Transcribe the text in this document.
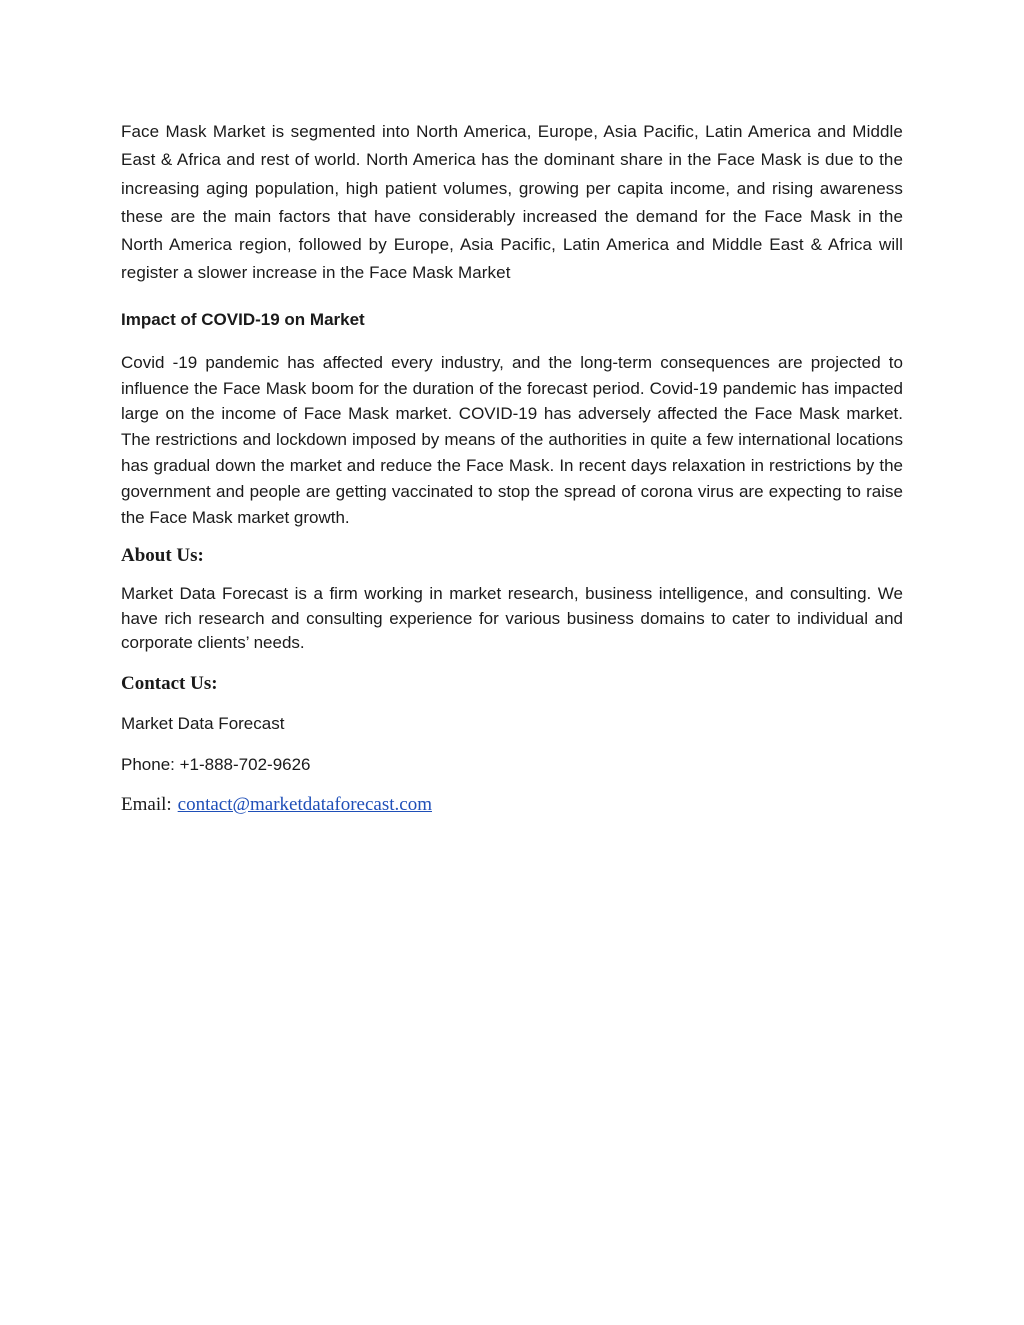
Face Mask Market is segmented into North America, Europe, Asia Pacific, Latin America and Middle East & Africa and rest of world. North America has the dominant share in the Face Mask is due to the increasing aging population, high patient volumes, growing per capita income, and rising awareness these are the main factors that have considerably increased the demand for the Face Mask in the North America region, followed by Europe, Asia Pacific, Latin America and Middle East & Africa will register a slower increase in the Face Mask Market

Impact of COVID-19 on Market

Covid -19 pandemic has affected every industry, and the long-term consequences are projected to influence the Face Mask boom for the duration of the forecast period. Covid-19 pandemic has impacted large on the income of Face Mask market. COVID-19 has adversely affected the Face Mask market. The restrictions and lockdown imposed by means of the authorities in quite a few international locations has gradual down the market and reduce the Face Mask. In recent days relaxation in restrictions by the government and people are getting vaccinated to stop the spread of corona virus are expecting to raise the Face Mask market growth.

About Us:

Market Data Forecast is a firm working in market research, business intelligence, and consulting. We have rich research and consulting experience for various business domains to cater to individual and corporate clients’ needs.

Contact Us:

Market Data Forecast

Phone: +1-888-702-9626

Email: contact@marketdataforecast.com
